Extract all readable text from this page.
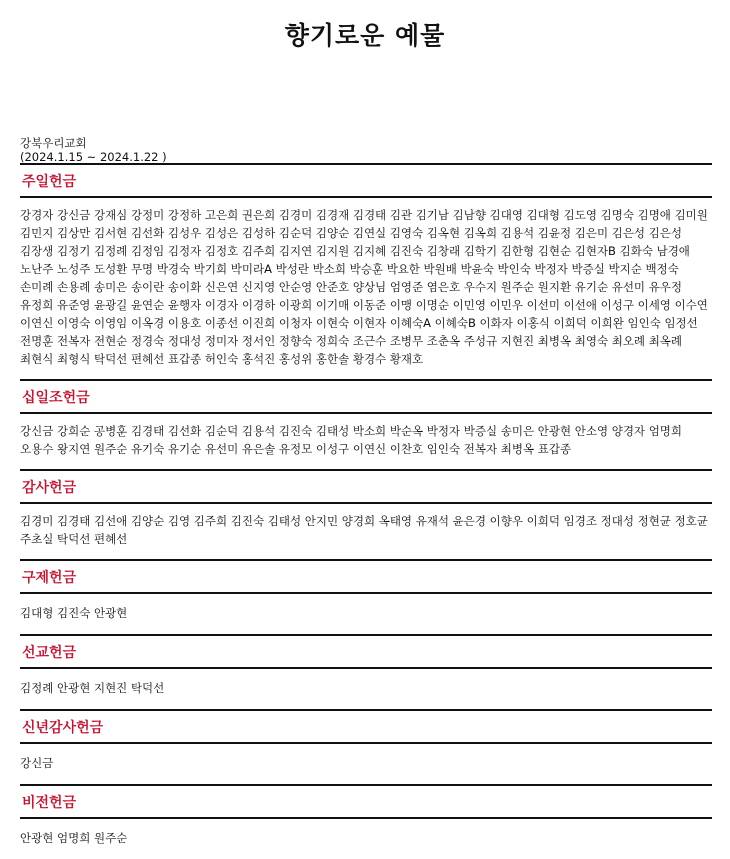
향기로운 예물
강북우리교회
(2024.1.15 ~ 2024.1.22 )
주일헌금
강경자 강신금 강재심 강정미 강정하 고은희 권은희 김경미 김경재 김경태 김관 김기남 김남향 김대영 김대형 김도영 김명숙 김명애 김미원 김민지 김상만 김서현 김선화 김성우 김성은 김성하 김순덕 김양순 김연실 김영숙 김옥현 김옥희 김용석 김윤정 김은미 김은성 김은성 김장생 김정기 김정례 김정임 김정자 김정호 김주희 김지연 김지원 김지혜 김진숙 김창래 김학기 김한형 김현순 김현자B 김화숙 남경애 노난주 노성주 도성환 무명 박경숙 박기희 박미라A 박성란 박소희 박승훈 박요한 박원배 박윤숙 박인숙 박정자 박증실 박지순 백정숙 손미례 손용례 송미은 송이란 송이화 신은연 신지영 안순영 안준호 양상님 엄영준 염은호 우수지 원주순 원지환 유기순 유선미 유우정 유정희 유준영 윤광길 윤연순 윤행자 이경자 이경하 이광희 이기매 이동준 이맹 이명순 이민영 이민우 이선미 이선애 이성구 이세영 이수연 이연신 이영숙 이영임 이옥경 이용호 이종선 이진희 이청자 이현숙 이현자 이혜숙A 이혜숙B 이화자 이홍식 이희덕 이희완 임인숙 임정선 전명훈 전복자 전현순 정경숙 정대성 정미자 정서인 정향숙 정희숙 조근수 조병무 조춘옥 주성규 지현진 최병옥 최영숙 최오례 최옥례 최현식 최형식 탁덕선 편혜선 표갑종 허인숙 홍석진 홍성위 홍한솔 황경수 황재호
십일조헌금
강신금 강희순 공병훈 김경태 김선화 김순덕 김용석 김진숙 김태성 박소희 박순옥 박정자 박증실 송미은 안광현 안소영 양경자 엄명희 오용수 왕지연 원주순 유기숙 유기순 유선미 유은솔 유정모 이성구 이연신 이찬호 임인숙 전복자 최병옥 표갑종
감사헌금
김경미 김경태 김선애 김양순 김영 김주희 김진숙 김태성 안지민 양경희 옥태영 유재석 윤은경 이향우 이희덕 임경조 정대성 정현균 정호균 주초실 탁덕선 편혜선
구제헌금
김대형 김진숙 안광현
선교헌금
김정례 안광현 지현진 탁덕선
신년감사헌금
강신금
비전헌금
안광현 엄명희 원주순
